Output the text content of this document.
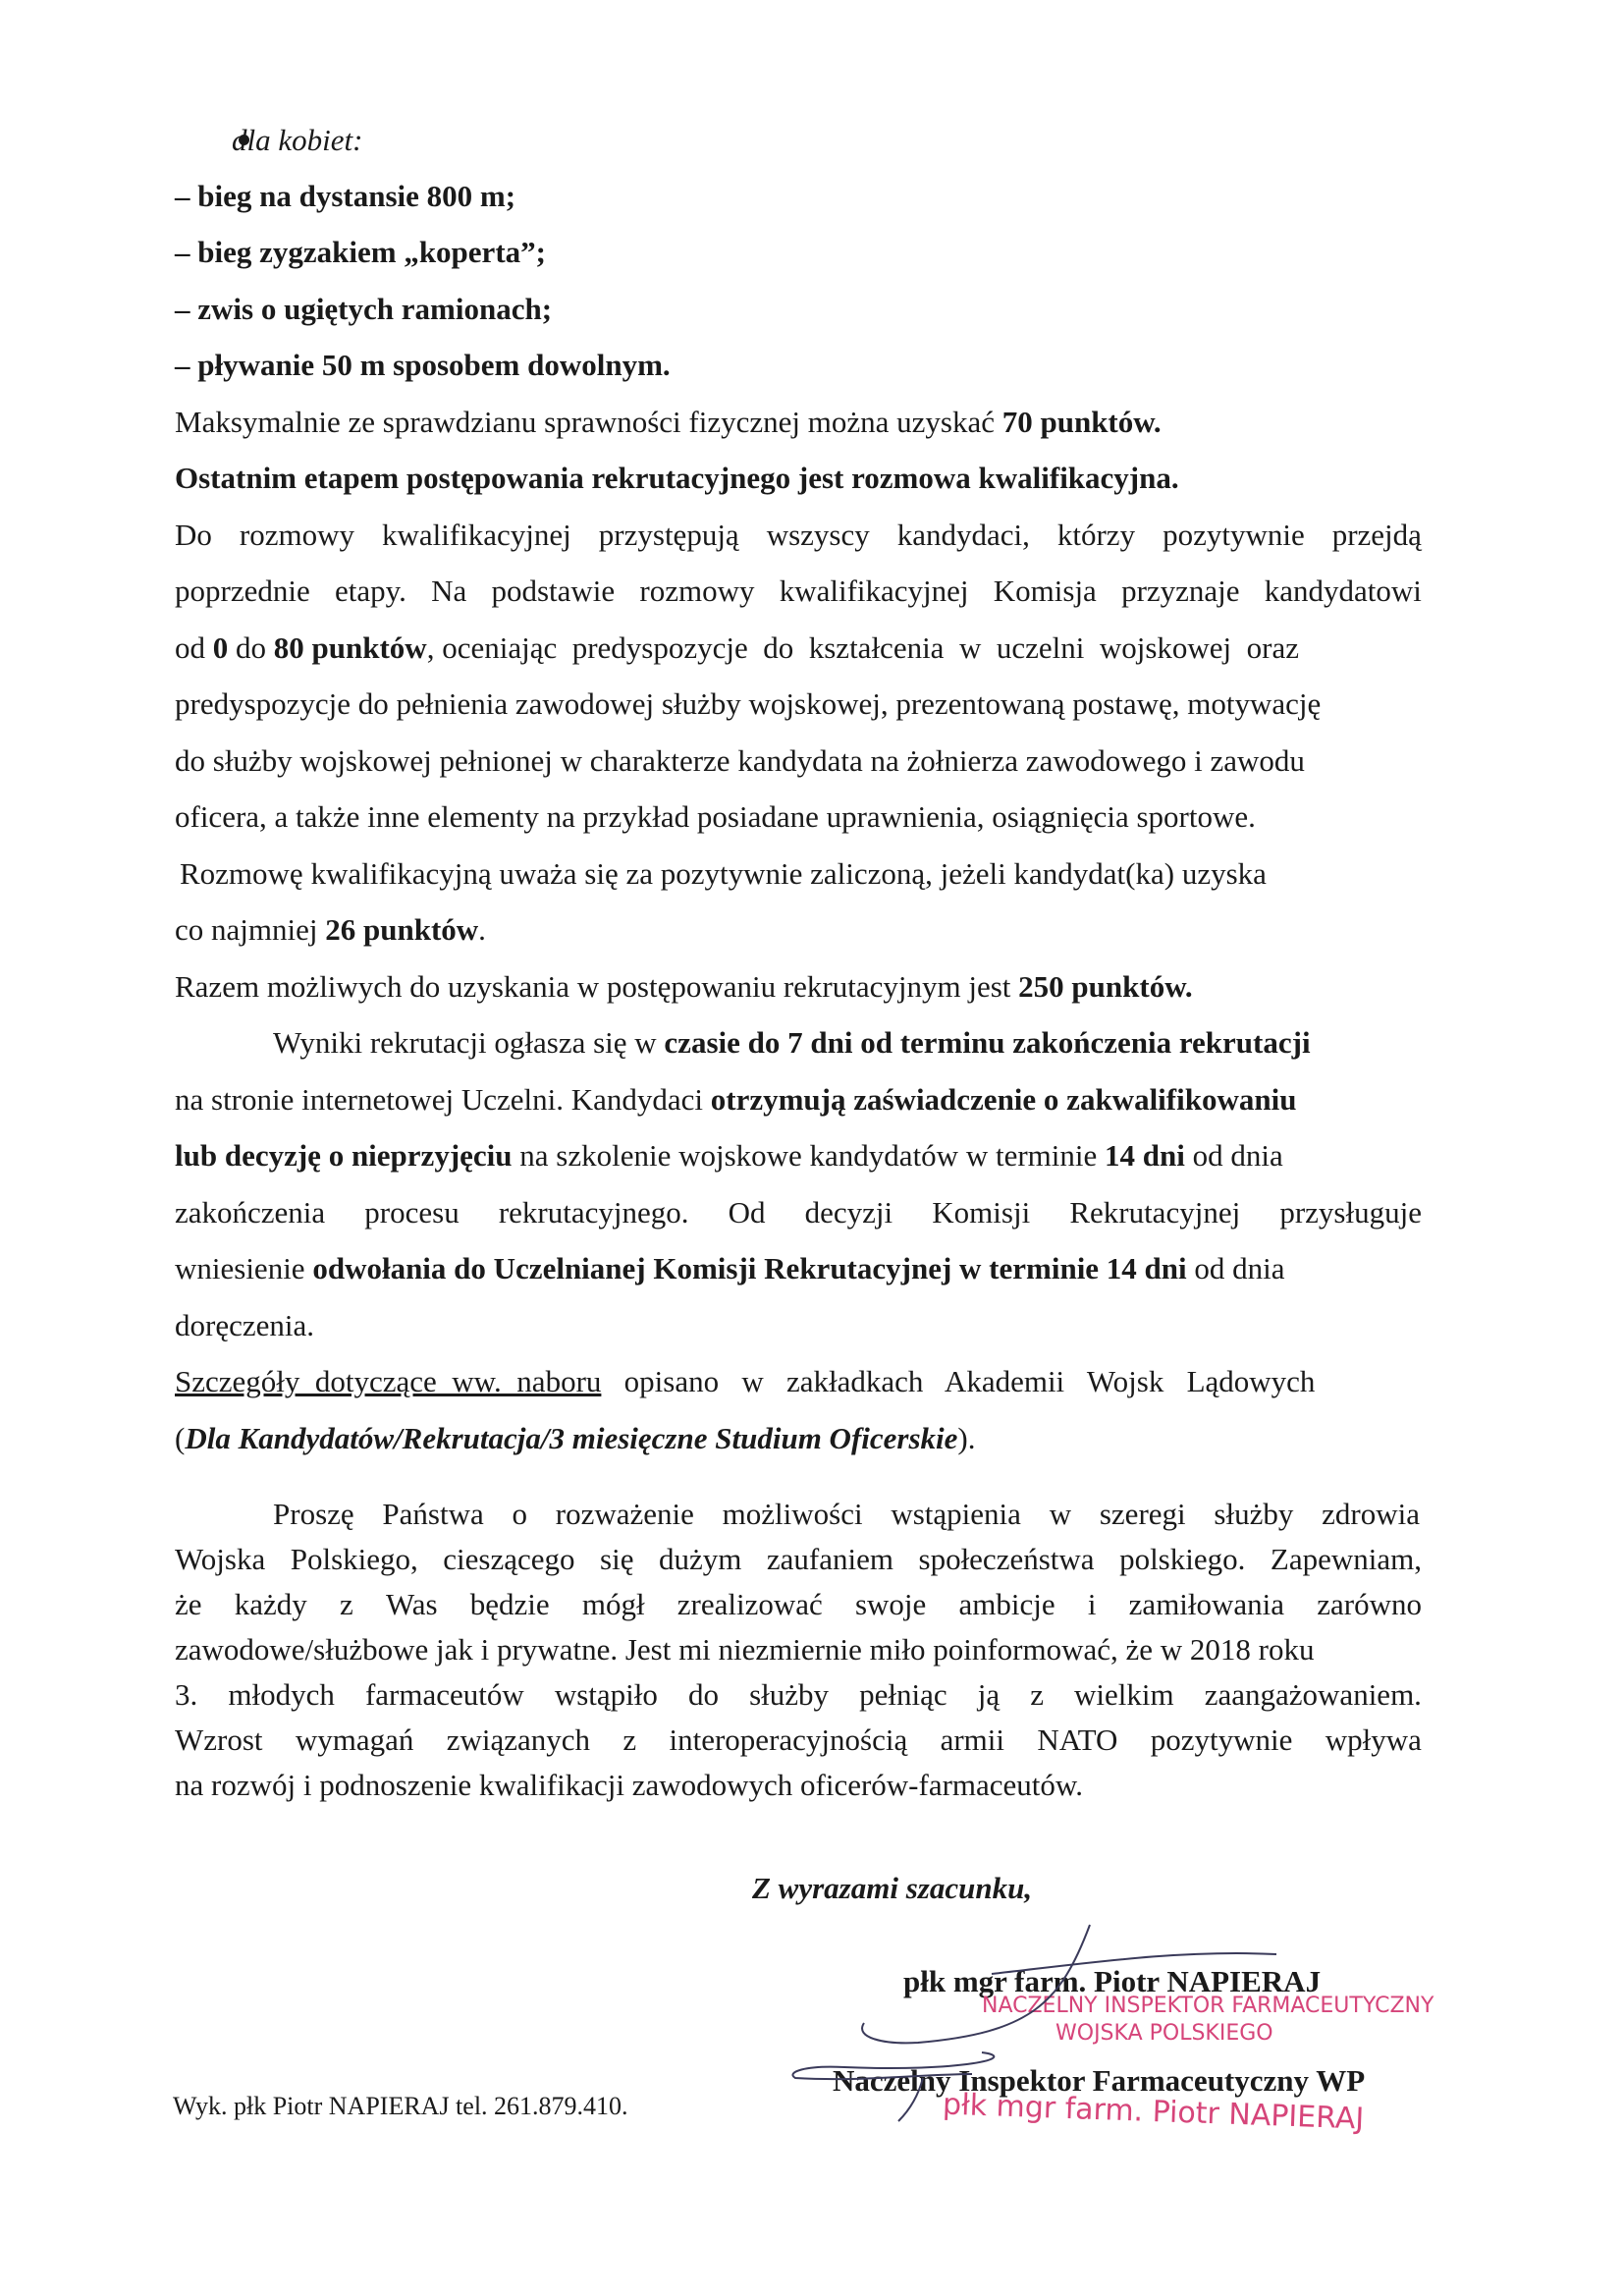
dla kobiet:
– bieg na dystansie 800 m;
– bieg zygzakiem „koperta”;
– zwis o ugiętych ramionach;
– pływanie 50 m sposobem dowolnym.
Maksymalnie ze sprawdzianu sprawności fizycznej można uzyskać 70 punktów.
Ostatnim etapem postępowania rekrutacyjnego jest rozmowa kwalifikacyjna.
Do rozmowy kwalifikacyjnej przystępują wszyscy kandydaci, którzy pozytywnie przejdą
poprzednie etapy. Na podstawie rozmowy kwalifikacyjnej Komisja przyznaje kandydatowi
od 0 do 80 punktów, oceniając  predyspozycje  do  kształcenia  w  uczelni  wojskowej  oraz
predyspozycje do pełnienia zawodowej służby wojskowej, prezentowaną postawę, motywację
do służby wojskowej pełnionej w charakterze kandydata na żołnierza zawodowego i zawodu
oficera, a także inne elementy na przykład posiadane uprawnienia, osiągnięcia sportowe.
Rozmowę kwalifikacyjną uważa się za pozytywnie zaliczoną, jeżeli kandydat(ka) uzyska
co najmniej 26 punktów.
Razem możliwych do uzyskania w postępowaniu rekrutacyjnym jest 250 punktów.
Wyniki rekrutacji ogłasza się w czasie do 7 dni od terminu zakończenia rekrutacji
na stronie internetowej Uczelni. Kandydaci otrzymują zaświadczenie o zakwalifikowaniu
lub decyzję o nieprzyjęciu na szkolenie wojskowe kandydatów w terminie 14 dni od dnia
zakończenia procesu rekrutacyjnego. Od decyzji Komisji Rekrutacyjnej przysługuje
wniesienie odwołania do Uczelnianej Komisji Rekrutacyjnej w terminie 14 dni od dnia
doręczenia.
Szczegóły  dotyczące  ww.  naboru opisano   w   zakładkach   Akademii   Wojsk   Lądowych
(Dla Kandydatów/Rekrutacja/3 miesięczne Studium Oficerskie).
Proszę Państwa o rozważenie możliwości wstąpienia w szeregi służby zdrowia
Wojska Polskiego, cieszącego się dużym zaufaniem społeczeństwa polskiego. Zapewniam,
że każdy z Was będzie mógł zrealizować swoje ambicje i zamiłowania zarówno
zawodowe/służbowe jak i prywatne. Jest mi niezmiernie miło poinformować, że w 2018 roku
3. młodych farmaceutów wstąpiło do służby pełniąc ją z wielkim zaangażowaniem.
Wzrost wymagań związanych z interoperacyjnością armii NATO pozytywnie wpływa
na rozwój i podnoszenie kwalifikacji zawodowych oficerów-farmaceutów.
Z wyrazami szacunku,
płk mgr farm. Piotr NAPIERAJ
NACZELNY INSPEKTOR FARMACEUTYCZNY
WOJSKA POLSKIEGO
Naczelny Inspektor Farmaceutyczny WP
płk mgr farm. Piotr NAPIERAJ
Wyk. płk Piotr NAPIERAJ tel. 261.879.410.
